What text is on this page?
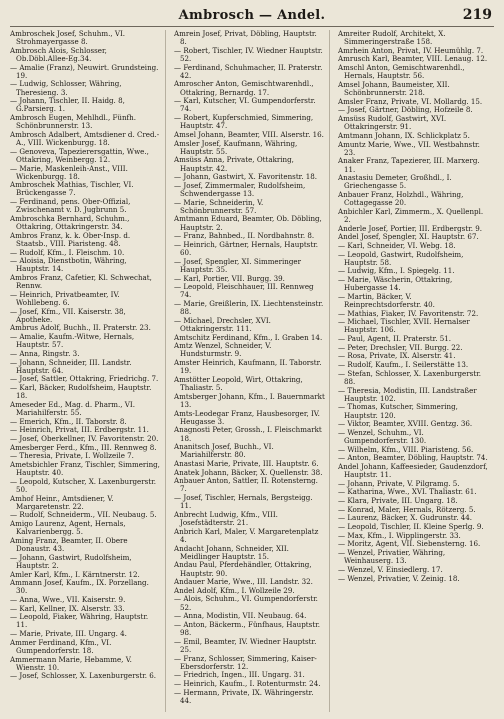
Ambrosch — Andel.	219
Ambroschek Josef, Schuhm., VI. Strohmayergasse 8.
Ambrosch Alois, Schlosser, Ob.Döbl.Allee-Eg.34.
— Amalie (Franz), Neuwirt. Grundsteing. 19.
— Ludwig, Schlosser, Währing, Theresieng. 3.
— Johann, Tischler, II. Haidg. 8, G.Parsierg. 1.
Ambrosch Eugen, Mehlhdl., Fünfh. Schönbrunnerstr. 13.
Ambrosch Adalbert, Amtsdiener d. Cred.-A., VIII. Wickenburgg. 18.
— Genoveva, Tapezierersgattin, Wwe., Ottakring, Weinbergg. 12.
— Marie, Maskenleih-Anst., VIII. Wickenburgg. 18.
Ambroschek Mathias, Tischler, VI. Brückengasse 7.
— Ferdinand, pens. Ober-Offizial, Zwischenamt v. D. Jugbrunn 5.
Ambroschka Bernhard, Schuhm., Ottakring, Ottakringerstr. 34.
Ambros Franz, k. k. Ober-Insp. d. Staatsb., VIII. Piaristeng. 48.
— Rudolf, Kfm., I. Fleischm. 10.
— Aloisia, Dienstbotin, Währing, Hauptstr. 14.
Ambros Franz, Cafetier, Kl. Schwechat, Rennw.
— Heinrich, Privatbeamter, IV. Wohllebeng. 6.
— Josef, Kfm., VII. Kaiserstr. 38, Apotheke.
Ambrus Adolf, Buchh., II. Praterstr. 23.
— Amalie, Kaufm.-Witwe, Hernals, Hauptstr. 57.
— Anna, Ringstr. 3.
— Johann, Schneider, III. Landstr. Hauptstr. 64.
— Josef, Sattler, Ottakring, Friedrichg. 7.
— Karl, Bäcker, Rudolfsheim, Hauptstr. 18.
Ameseder Ed., Mag. d. Pharm., VI. Mariahilferstr. 55.
— Emerich, Kfm., II. Taborstr. 8.
— Heinrich, Privat, III. Erdbergstr. 11.
— Josef, Oberkellner, IV. Favoritenstr. 20.
Amesberger Ferd., Kfm., III. Rennweg 8.
— Theresia, Private, I. Wollzeile 7.
Ametsbichler Franz, Tischler, Simmering, Hauptstr. 40.
— Leopold, Kutscher, X. Laxenburgerstr. 50.
Amhof Heinr., Amtsdiener, V. Margaretenstr. 22.
— Rudolf, Schneiderm., VII. Neubaug. 5.
Amigo Laurenz, Agent, Hernals, Kalvarienbergg. 5.
Aming Franz, Beamter, II. Obere Donaustr. 43.
— Johann, Gastwirt, Rudolfsheim, Hauptstr. 2.
Amler Karl, Kfm., I. Kärntnerstr. 12.
Ammann Josef, Kaufm., IX. Porzellang. 30.
— Anna, Wwe., VII. Kaiserstr. 9.
— Karl, Kellner, IX. Alserstr. 33.
— Leopold, Fiaker, Währing, Hauptstr. 11.
— Marie, Private, III. Ungarg. 4.
Ammer Ferdinand, Kfm., VI. Gumpendorferstr. 18.
Ammermann Marie, Hebamme, V. Wienstr. 10.
— Josef, Schlosser, X. Laxenburgerstr. 6.
Amrein Josef, Privat, Döbling, Hauptstr. 8.
— Robert, Tischler, IV. Wiedner Hauptstr. 52.
— Ferdinand, Schuhmacher, II. Praterstr. 42.
Amroscher Anton, Gemischtwarenhdl., Ottakring, Bernardg. 17.
— Karl, Kutscher, VI. Gumpendorferstr. 74.
— Robert, Kupferschmied, Simmering, Hauptstr. 47.
Amsel Johann, Beamter, VIII. Alserstr. 16.
Amsler Josef, Kaufmann, Währing, Hauptstr. 55.
Amsüss Anna, Private, Ottakring, Hauptstr. 42.
— Johann, Gastwirt, X. Favoritenstr. 18.
— Josef, Zimmermaler, Rudolfsheim, Schwendergasse 13.
— Marie, Schneiderin, V. Schönbrunnerstr. 57.
Amtmann Eduard, Beamter, Ob. Döbling, Hauptstr. 2.
— Franz, Bahnbed., II. Nordbahnstr. 8.
— Heinrich, Gärtner, Hernals, Hauptstr. 60.
— Josef, Spengler, XI. Simmeringer Hauptstr. 35.
— Karl, Portier, VII. Burgg. 39.
— Leopold, Fleischhauer, III. Rennweg 74.
— Marie, Greißlerin, IX. Liechtensteinstr. 88.
— Michael, Drechsler, XVI. Ottakringerstr. 111.
Amtschitz Ferdinand, Kfm., I. Graben 14.
Amtz Wenzel, Schneider, V. Hundsturmstr. 9.
Amster Heinrich, Kaufmann, II. Taborstr. 19.
Amstötter Leopold, Wirt, Ottakring, Thaliastr. 5.
Amtsberger Johann, Kfm., I. Bauernmarkt 13.
Amts-Leodegar Franz, Hausbesorger, IV. Heugasse 3.
Anagnosti Peter, Grossh., I. Fleischmarkt 18.
Ananitsch Josef, Buchh., VI. Mariahilferstr. 80.
Anastasi Marie, Private, III. Hauptstr. 6.
Anatek Johann, Bäcker, X. Quellenstr. 38.
Anbauer Anton, Sattler, II. Rotensterng. 7.
— Josef, Tischler, Hernals, Bergsteigg. 11.
Anbrecht Ludwig, Kfm., VIII. Josefstädterstr. 21.
Anbrich Karl, Maler, V. Margaretenplatz 4.
Andacht Johann, Schneider, XII. Meidlinger Hauptstr. 15.
Andau Paul, Pferdehändler, Ottakring, Hauptstr. 90.
Andauer Marie, Wwe., III. Landstr. 32.
Andel Adolf, Kfm., I. Wollzeile 29.
— Alois, Schuhm., VI. Gumpendorferstr. 52.
— Anna, Modistin, VII. Neubaug. 64.
— Anton, Bäckerm., Fünfhaus, Hauptstr. 98.
— Emil, Beamter, IV. Wiedner Hauptstr. 25.
— Franz, Schlosser, Simmering, Kaiser-Ebersdorferstr. 12.
— Friedrich, Ingen., III. Ungarg. 31.
— Heinrich, Kaufm., I. Rotenturmstr. 24.
— Hermann, Private, IX. Währingerstr. 44.
Amreiter Rudolf, Architekt, X. Simmeringerstraße 158.
Amrhein Anton, Privat, IV. Heumühlg. 7.
Amrusch Karl, Beamter, VIII. Lenaug. 12.
Amschl Anton, Gemischtwarenhdl., Hernals, Hauptstr. 56.
Amsel Johann, Baumeister, XII. Schönbrunnerstr. 218.
Amsler Franz, Private, VI. Mollardg. 15.
— Josef, Gärtner, Döbling, Hofzeile 8.
Amsüss Rudolf, Gastwirt, XVI. Ottakringerstr. 91.
Amtmann Johann, IX. Schlickplatz 5.
Amuntz Marie, Wwe., VII. Westbahnstr. 23.
Anaker Franz, Tapezierer, III. Marxerg. 11.
Anastasiu Demeter, Großhdl., I. Griechengasse 5.
Anbauer Franz, Holzhdl., Währing, Cottagegasse 20.
Anbichler Karl, Zimmerm., X. Quellenpl. 2.
Anderle Josef, Portier, III. Erdbergstr. 9.
Andel Josef, Spengler, XI. Hauptstr. 67.
— Karl, Schneider, VI. Webg. 18.
— Leopold, Gastwirt, Rudolfsheim, Hauptstr. 58.
— Ludwig, Kfm., I. Spiegelg. 11.
— Marie, Wäscherin, Ottakring, Hubergasse 14.
— Martin, Bäcker, V. Reinprechtsdorferstr. 40.
— Mathias, Fiaker, IV. Favoritenstr. 72.
— Michael, Tischler, XVII. Hernalser Hauptstr. 106.
— Paul, Agent, II. Praterstr. 51.
— Peter, Drechsler, VII. Burgg. 22.
— Rosa, Private, IX. Alserstr. 41.
— Rudolf, Kaufm., I. Seilerstätte 13.
— Stefan, Schlosser, X. Laxenburgerstr. 88.
— Theresia, Modistin, III. Landstraßer Hauptstr. 102.
— Thomas, Kutscher, Simmering, Hauptstr. 120.
— Viktor, Beamter, XVIII. Gentzg. 36.
— Wenzel, Schuhm., VI. Gumpendorferstr. 130.
— Wilhelm, Kfm., VIII. Piaristeng. 56.
— Anton, Beamter, Döbling, Hauptstr. 74.
Andel Johann, Kaffeesieder, Gaudenzdorf, Hauptstr. 11.
— Johann, Private, V. Pilgramg. 5.
— Katharina, Wwe., XVI. Thaliastr. 61.
— Klara, Private, III. Ungarg. 18.
— Konrad, Maler, Hernals, Rötzerg. 5.
— Laurenz, Bäcker, X. Gudrunstr. 44.
— Leopold, Tischler, II. Kleine Sperlg. 9.
— Max, Kfm., I. Wipplingerstr. 33.
— Moritz, Agent, VII. Siebensterng. 16.
— Wenzel, Privatier, Währing, Weinhauserg. 13.
— Wenzel, V. Einsiedlerg. 17.
— Wenzel, Privatier, V. Zeinig. 18.
